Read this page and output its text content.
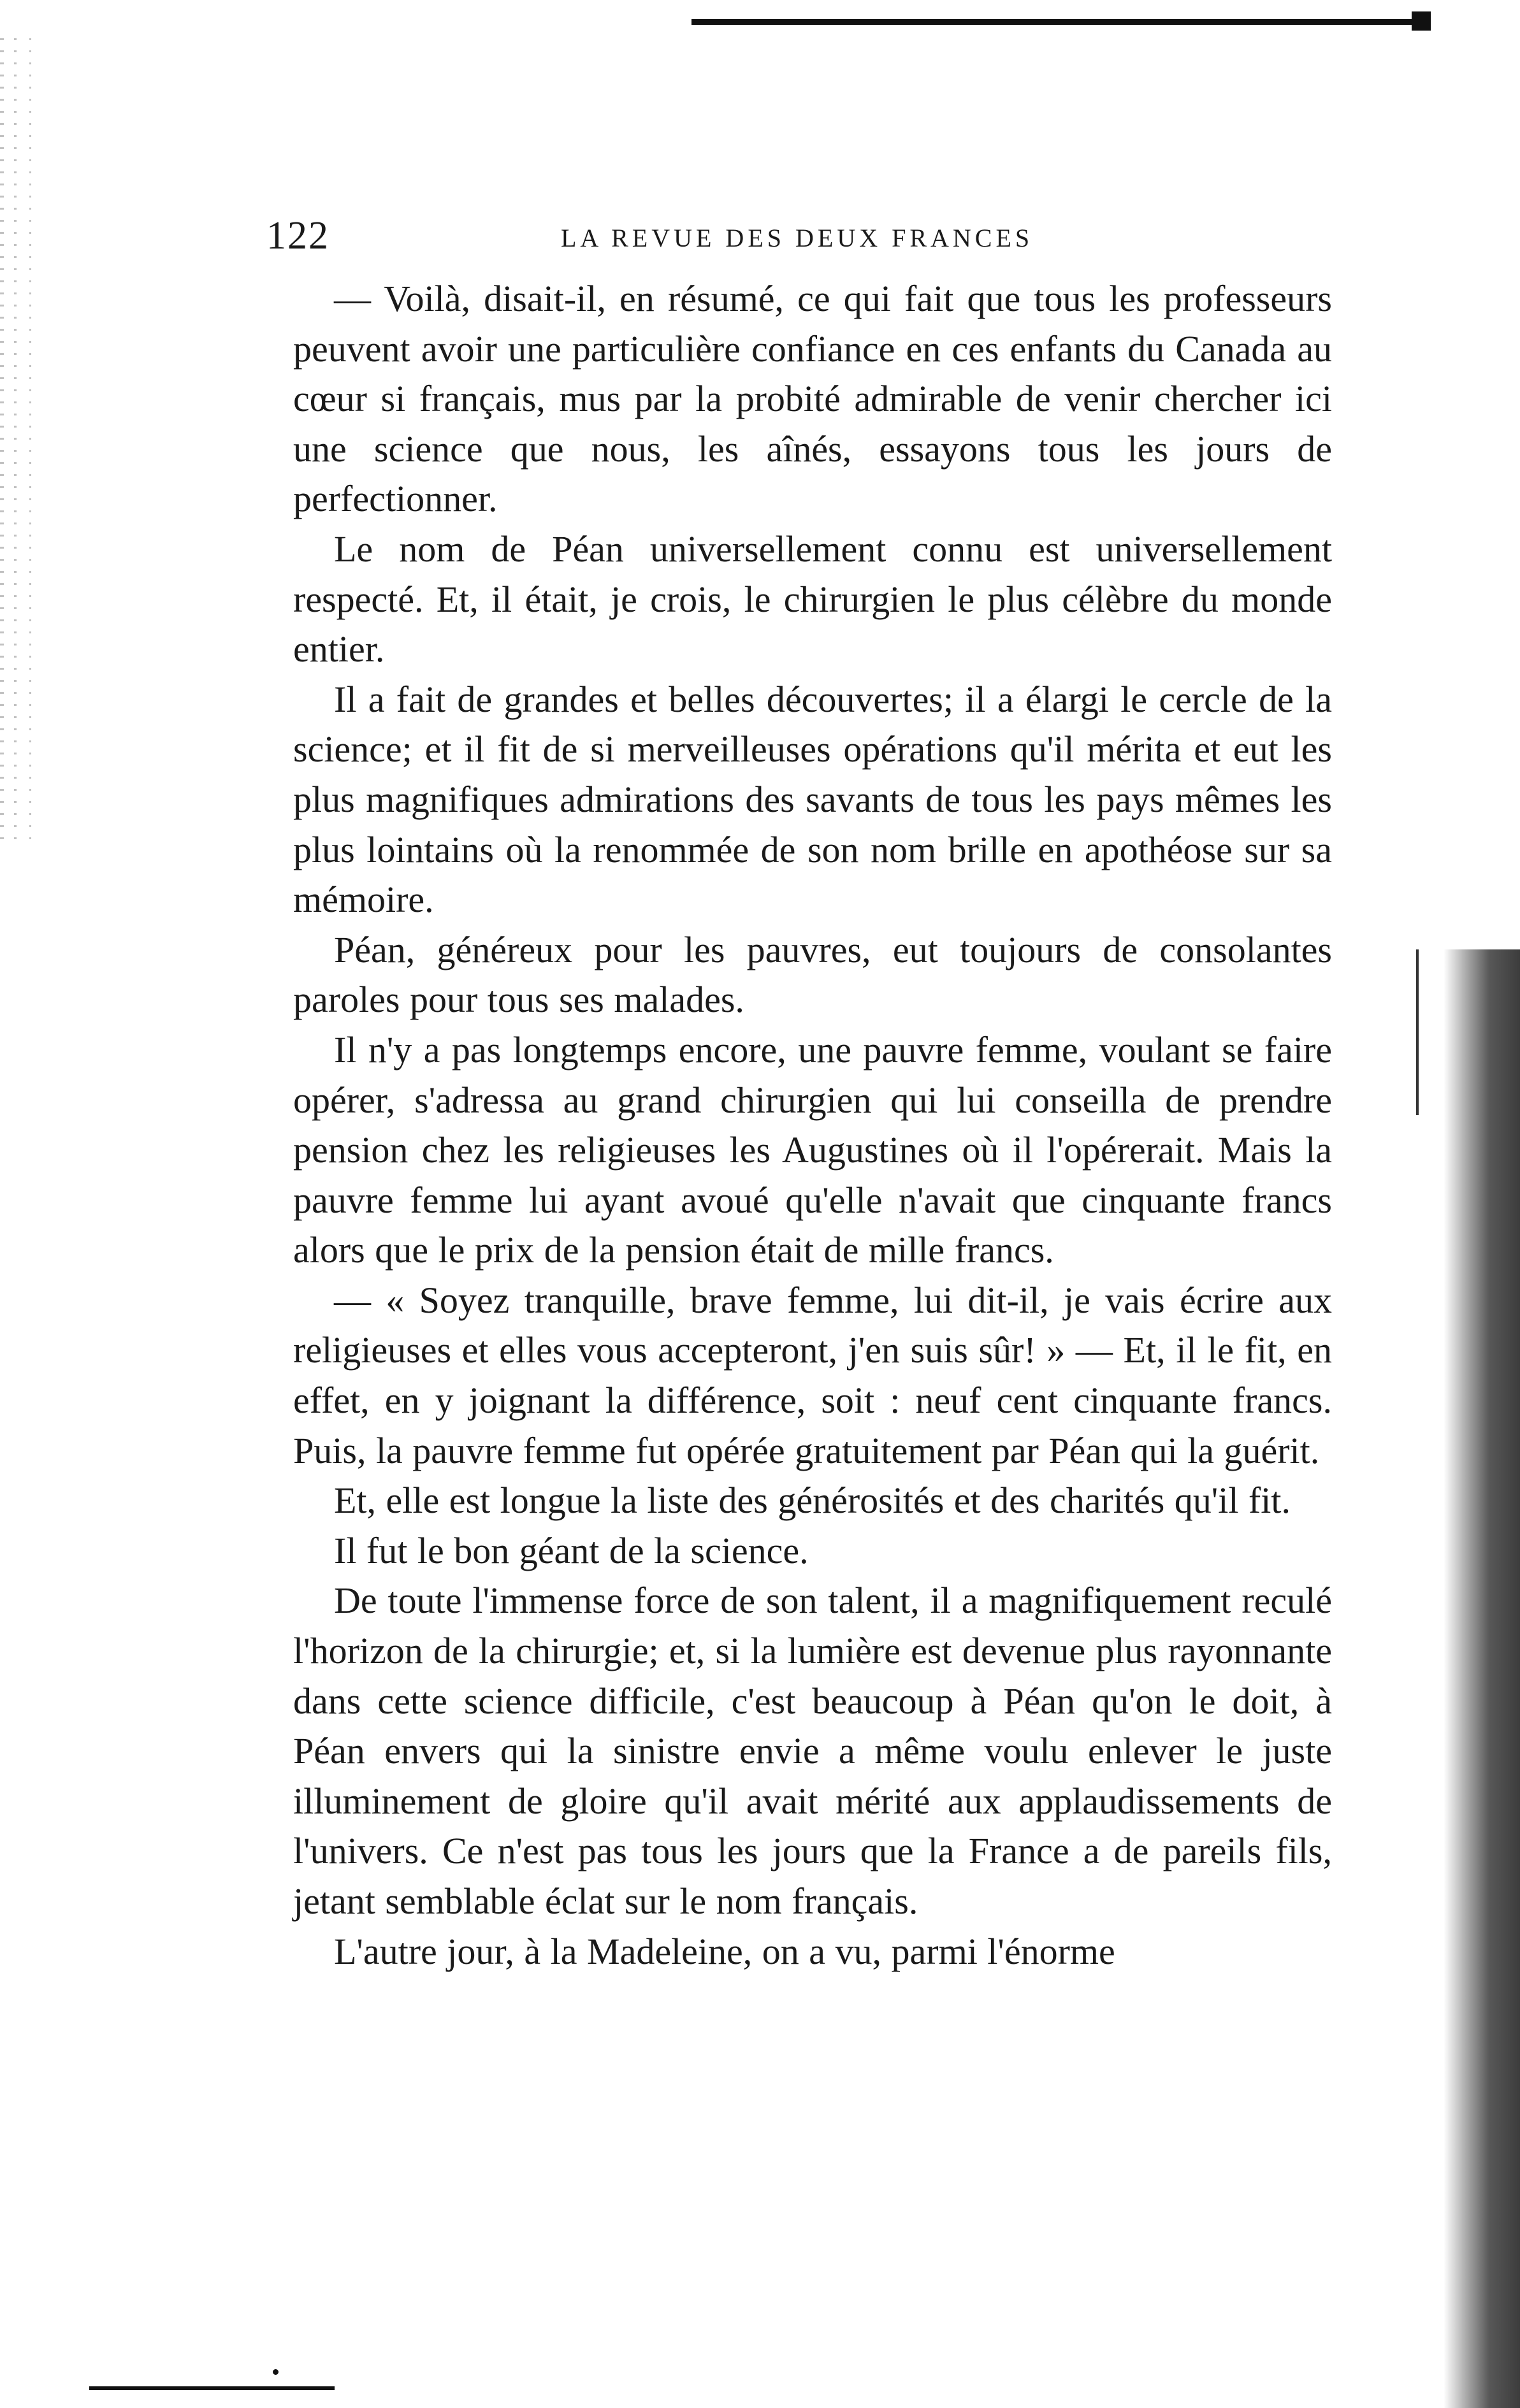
122	LA REVUE DES DEUX FRANCES

— Voilà, disait-il, en résumé, ce qui fait que tous les professeurs peuvent avoir une particulière confiance en ces enfants du Canada au cœur si français, mus par la probité admirable de venir chercher ici une science que nous, les aînés, essayons tous les jours de perfectionner.

Le nom de Péan universellement connu est universellement respecté. Et, il était, je crois, le chirurgien le plus célèbre du monde entier.

Il a fait de grandes et belles découvertes; il a élargi le cercle de la science; et il fit de si merveilleuses opérations qu'il mérita et eut les plus magnifiques admirations des savants de tous les pays mêmes les plus lointains où la renommée de son nom brille en apothéose sur sa mémoire.

Péan, généreux pour les pauvres, eut toujours de consolantes paroles pour tous ses malades.

Il n'y a pas longtemps encore, une pauvre femme, voulant se faire opérer, s'adressa au grand chirurgien qui lui conseilla de prendre pension chez les religieuses les Augustines où il l'opérerait. Mais la pauvre femme lui ayant avoué qu'elle n'avait que cinquante francs alors que le prix de la pension était de mille francs.

— « Soyez tranquille, brave femme, lui dit-il, je vais écrire aux religieuses et elles vous accepteront, j'en suis sûr! » — Et, il le fit, en effet, en y joignant la différence, soit : neuf cent cinquante francs. Puis, la pauvre femme fut opérée gratuitement par Péan qui la guérit.

Et, elle est longue la liste des générosités et des charités qu'il fit.

Il fut le bon géant de la science.

De toute l'immense force de son talent, il a magnifiquement reculé l'horizon de la chirurgie; et, si la lumière est devenue plus rayonnante dans cette science difficile, c'est beaucoup à Péan qu'on le doit, à Péan envers qui la sinistre envie a même voulu enlever le juste illuminement de gloire qu'il avait mérité aux applaudissements de l'univers. Ce n'est pas tous les jours que la France a de pareils fils, jetant semblable éclat sur le nom français.

L'autre jour, à la Madeleine, on a vu, parmi l'énorme
